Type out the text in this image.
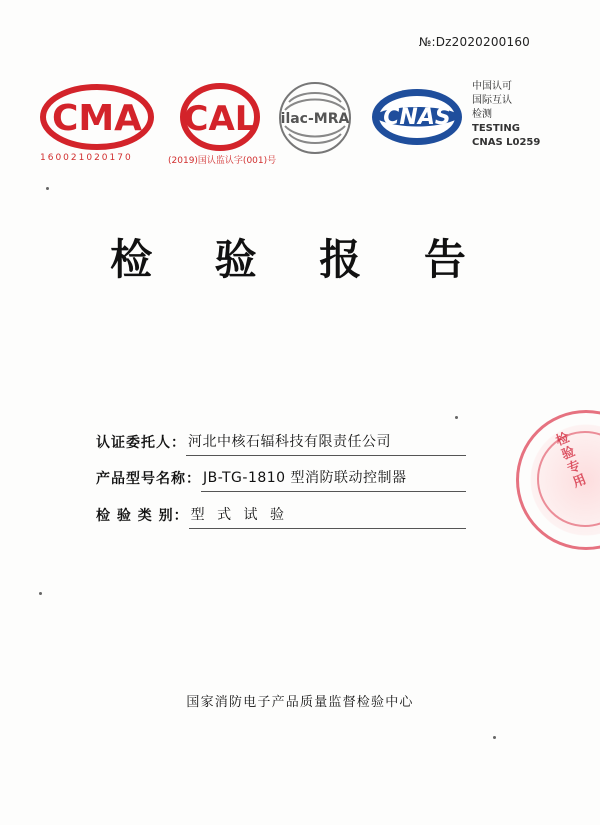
№:Dz2020200160
CMA CAL ilac-MRA CNAS
中国认可
国际互认
检测
TESTING
CNAS L0259
160021020170	(2019)国认监认字(001)号
检 验 报 告
认证委托人： 河北中核石辐科技有限责任公司
产品型号名称： JB-TG-1810 型消防联动控制器
检 验 类 别： 型 式 试 验
国家消防电子产品质量监督检验中心
检验专用
